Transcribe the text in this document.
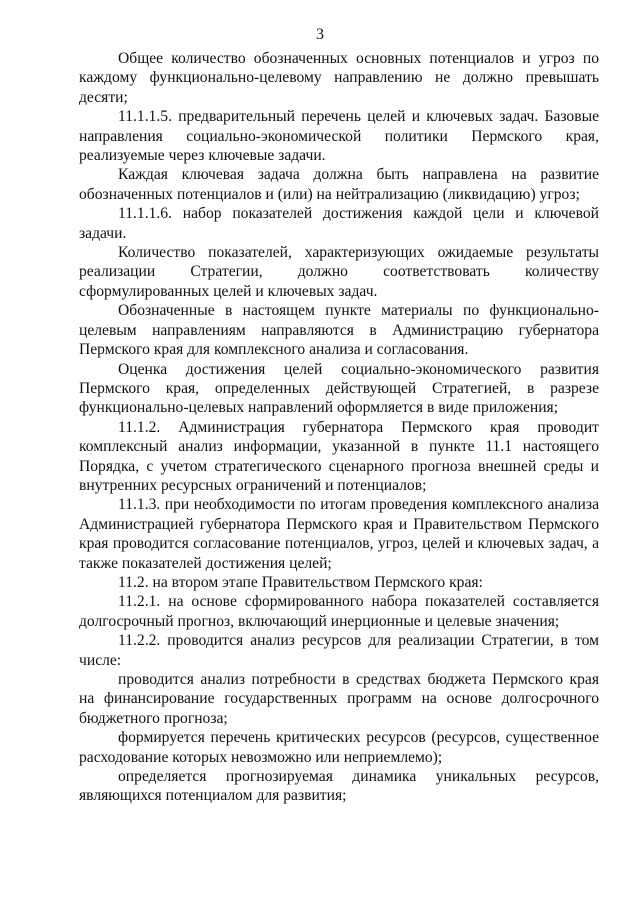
3

Общее количество обозначенных основных потенциалов и угроз по каждому функционально-целевому направлению не должно превышать десяти;

11.1.1.5. предварительный перечень целей и ключевых задач. Базовые направления социально-экономической политики Пермского края, реализуемые через ключевые задачи.

Каждая ключевая задача должна быть направлена на развитие обозначенных потенциалов и (или) на нейтрализацию (ликвидацию) угроз;

11.1.1.6. набор показателей достижения каждой цели и ключевой задачи.

Количество показателей, характеризующих ожидаемые результаты реализации Стратегии, должно соответствовать количеству сформулированных целей и ключевых задач.

Обозначенные в настоящем пункте материалы по функционально-целевым направлениям направляются в Администрацию губернатора Пермского края для комплексного анализа и согласования.

Оценка достижения целей социально-экономического развития Пермского края, определенных действующей Стратегией, в разрезе функционально-целевых направлений оформляется в виде приложения;

11.1.2. Администрация губернатора Пермского края проводит комплексный анализ информации, указанной в пункте 11.1 настоящего Порядка, с учетом стратегического сценарного прогноза внешней среды и внутренних ресурсных ограничений и потенциалов;

11.1.3. при необходимости по итогам проведения комплексного анализа Администрацией губернатора Пермского края и Правительством Пермского края проводится согласование потенциалов, угроз, целей и ключевых задач, а также показателей достижения целей;

11.2. на втором этапе Правительством Пермского края:

11.2.1. на основе сформированного набора показателей составляется долгосрочный прогноз, включающий инерционные и целевые значения;

11.2.2. проводится анализ ресурсов для реализации Стратегии, в том числе:

проводится анализ потребности в средствах бюджета Пермского края на финансирование государственных программ на основе долгосрочного бюджетного прогноза;

формируется перечень критических ресурсов (ресурсов, существенное расходование которых невозможно или неприемлемо);

определяется прогнозируемая динамика уникальных ресурсов, являющихся потенциалом для развития;
